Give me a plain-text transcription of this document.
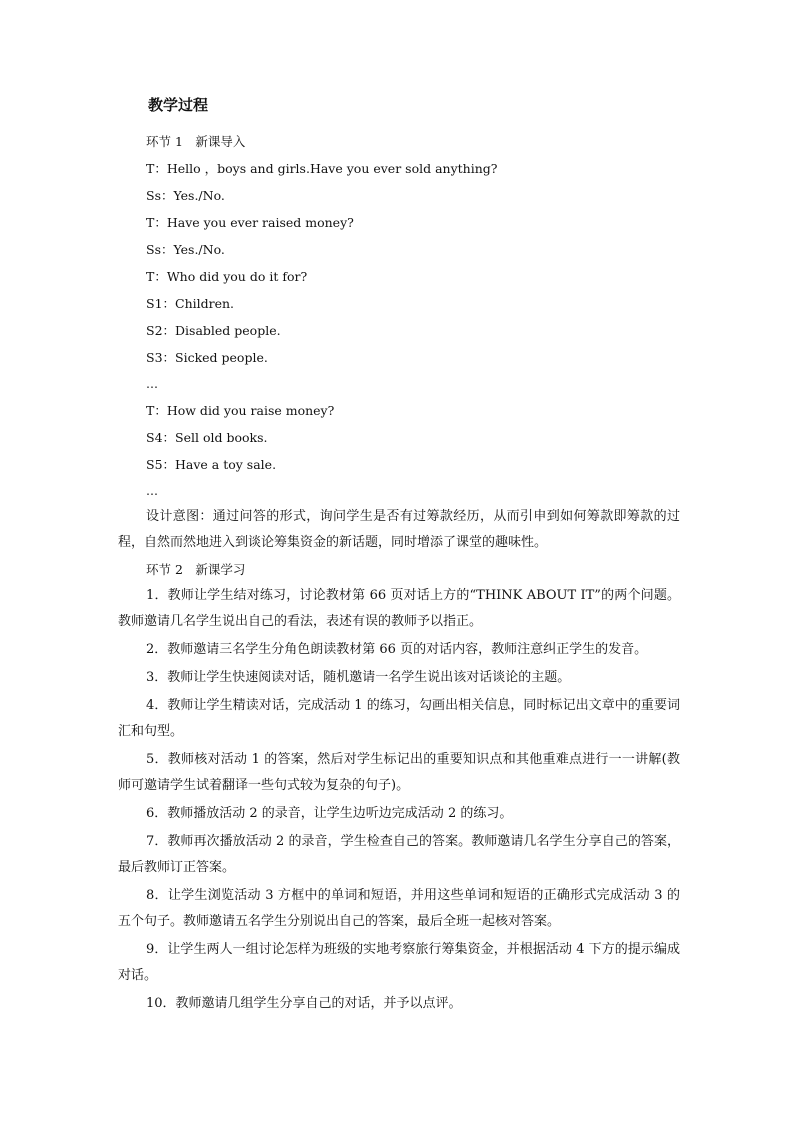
教学过程
环节 1　新课导入
T：Hello ，boys and girls.Have you ever sold anything?
Ss：Yes./No.
T：Have you ever raised money?
Ss：Yes./No.
T：Who did you do it for?
S1：Children.
S2：Disabled people.
S3：Sicked people.
…
T：How did you raise money?
S4：Sell old books.
S5：Have a toy sale.
…

设计意图：通过问答的形式，询问学生是否有过筹款经历，从而引申到如何筹款即筹款的过程，自然而然地进入到谈论筹集资金的新话题，同时增添了课堂的趣味性。

环节 2　新课学习

1．教师让学生结对练习，讨论教材第 66 页对话上方的“THINK ABOUT IT”的两个问题。教师邀请几名学生说出自己的看法，表述有误的教师予以指正。

2．教师邀请三名学生分角色朗读教材第 66 页的对话内容，教师注意纠正学生的发音。

3．教师让学生快速阅读对话，随机邀请一名学生说出该对话谈论的主题。

4．教师让学生精读对话，完成活动 1 的练习，勾画出相关信息，同时标记出文章中的重要词汇和句型。

5．教师核对活动 1 的答案，然后对学生标记出的重要知识点和其他重难点进行一一讲解(教师可邀请学生试着翻译一些句式较为复杂的句子)。

6．教师播放活动 2 的录音，让学生边听边完成活动 2 的练习。

7．教师再次播放活动 2 的录音，学生检查自己的答案。教师邀请几名学生分享自己的答案，最后教师订正答案。

8．让学生浏览活动 3 方框中的单词和短语，并用这些单词和短语的正确形式完成活动 3 的五个句子。教师邀请五名学生分别说出自己的答案，最后全班一起核对答案。

9．让学生两人一组讨论怎样为班级的实地考察旅行筹集资金，并根据活动 4 下方的提示编成对话。

10．教师邀请几组学生分享自己的对话，并予以点评。
